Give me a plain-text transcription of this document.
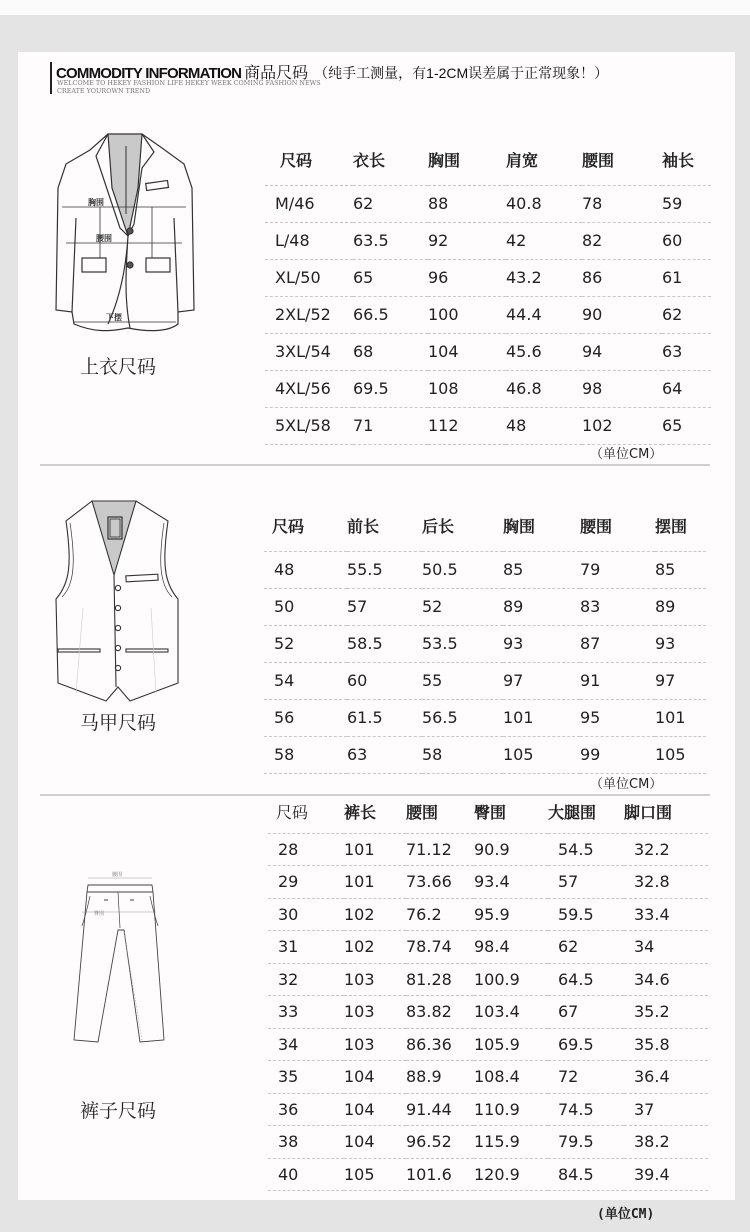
COMMODITY INFORMATION 商品尺码 （纯手工测量，有1-2CM误差属于正常现象！）
WELCOME TO HEKEY FASHION LIFE HEKEY WEEK COMING FASHION NEWS
CREATE YOUROWN TREND
胸围
腰围
下摆
上衣尺码
尺码	衣长	胸围	肩宽	腰围	袖长
M/46	62	88	40.8	78	59
L/48	63.5	92	42	82	60
XL/50	65	96	43.2	86	61
2XL/52	66.5	100	44.4	90	62
3XL/54	68	104	45.6	94	63
4XL/56	69.5	108	46.8	98	64
5XL/58	71	112	48	102	65
（单位CM）
马甲尺码
尺码	前长	后长	胸围	腰围	摆围
48	55.5	50.5	85	79	85
50	57	52	89	83	89
52	58.5	53.5	93	87	93
54	60	55	97	91	97
56	61.5	56.5	101	95	101
58	63	58	105	99	105
（单位CM）
腰围
臀围
裤子尺码
尺码	裤长	腰围	臀围	大腿围	脚口围
28	101	71.12	90.9	54.5	32.2
29	101	73.66	93.4	57	32.8
30	102	76.2	95.9	59.5	33.4
31	102	78.74	98.4	62	34
32	103	81.28	100.9	64.5	34.6
33	103	83.82	103.4	67	35.2
34	103	86.36	105.9	69.5	35.8
35	104	88.9	108.4	72	36.4
36	104	91.44	110.9	74.5	37
38	104	96.52	115.9	79.5	38.2
40	105	101.6	120.9	84.5	39.4
(单位CM)
